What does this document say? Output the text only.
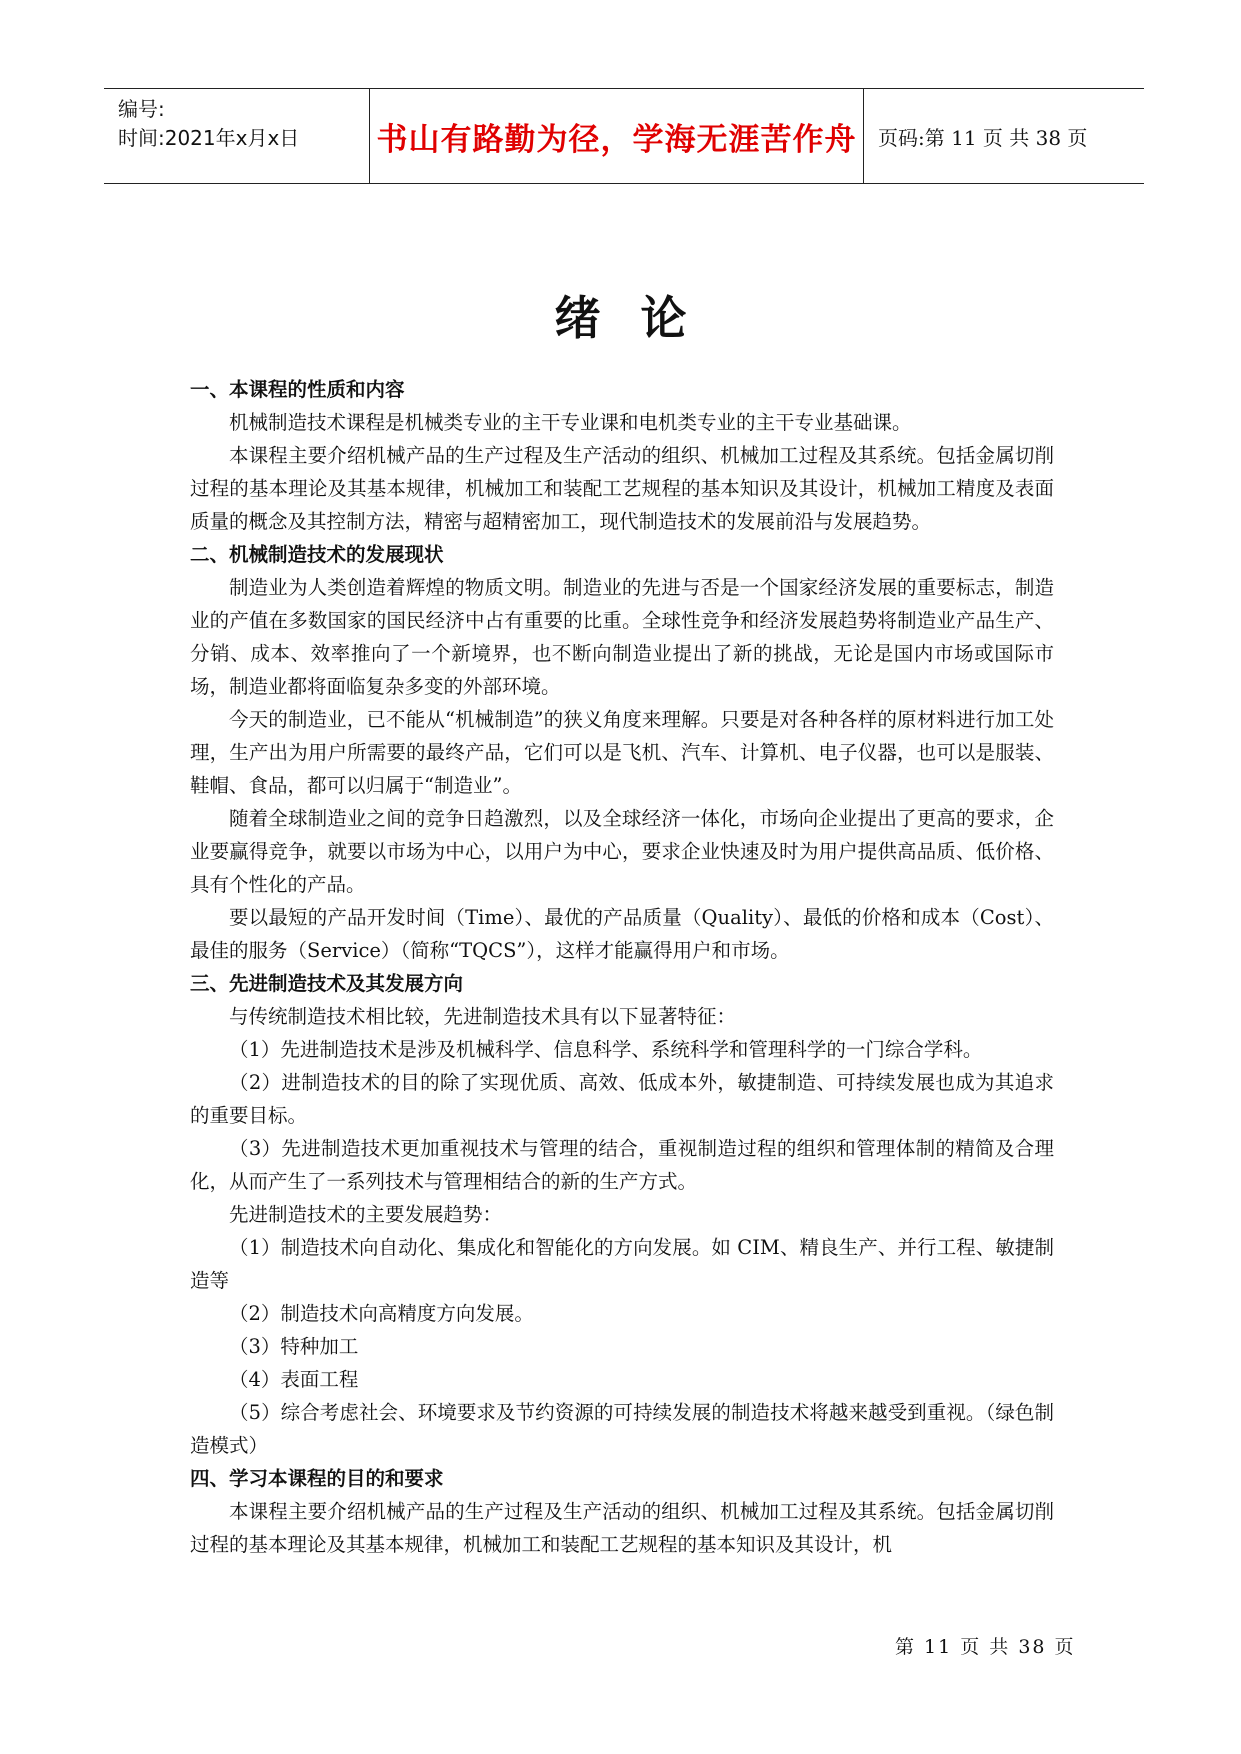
编号:
时间:2021年x月x日	书山有路勤为径，学海无涯苦作舟 页码:第 11 页 共 38 页
绪论
一、本课程的性质和内容

机械制造技术课程是机械类专业的主干专业课和电机类专业的主干专业基础课。

本课程主要介绍机械产品的生产过程及生产活动的组织、机械加工过程及其系统。包括金属切削过程的基本理论及其基本规律，机械加工和装配工艺规程的基本知识及其设计，机械加工精度及表面质量的概念及其控制方法，精密与超精密加工，现代制造技术的发展前沿与发展趋势。

二、机械制造技术的发展现状

制造业为人类创造着辉煌的物质文明。制造业的先进与否是一个国家经济发展的重要标志，制造业的产值在多数国家的国民经济中占有重要的比重。全球性竞争和经济发展趋势将制造业产品生产、分销、成本、效率推向了一个新境界，也不断向制造业提出了新的挑战，无论是国内市场或国际市场，制造业都将面临复杂多变的外部环境。

今天的制造业，已不能从“机械制造”的狭义角度来理解。只要是对各种各样的原材料进行加工处理，生产出为用户所需要的最终产品，它们可以是飞机、汽车、计算机、电子仪器，也可以是服装、鞋帽、食品，都可以归属于“制造业”。

随着全球制造业之间的竞争日趋激烈，以及全球经济一体化，市场向企业提出了更高的要求，企业要赢得竞争，就要以市场为中心，以用户为中心，要求企业快速及时为用户提供高品质、低价格、具有个性化的产品。

要以最短的产品开发时间（Time）、最优的产品质量（Quality）、最低的价格和成本（Cost）、最佳的服务（Service）（简称“TQCS”），这样才能赢得用户和市场。

三、先进制造技术及其发展方向

与传统制造技术相比较，先进制造技术具有以下显著特征：

（1）先进制造技术是涉及机械科学、信息科学、系统科学和管理科学的一门综合学科。

（2）进制造技术的目的除了实现优质、高效、低成本外，敏捷制造、可持续发展也成为其追求的重要目标。

（3）先进制造技术更加重视技术与管理的结合，重视制造过程的组织和管理体制的精简及合理化，从而产生了一系列技术与管理相结合的新的生产方式。

先进制造技术的主要发展趋势：

（1）制造技术向自动化、集成化和智能化的方向发展。如 CIM、精良生产、并行工程、敏捷制造等

（2）制造技术向高精度方向发展。

（3）特种加工

（4）表面工程

（5）综合考虑社会、环境要求及节约资源的可持续发展的制造技术将越来越受到重视。（绿色制造模式）

四、学习本课程的目的和要求

本课程主要介绍机械产品的生产过程及生产活动的组织、机械加工过程及其系统。包括金属切削过程的基本理论及其基本规律，机械加工和装配工艺规程的基本知识及其设计，机

第 11 页 共 38 页
